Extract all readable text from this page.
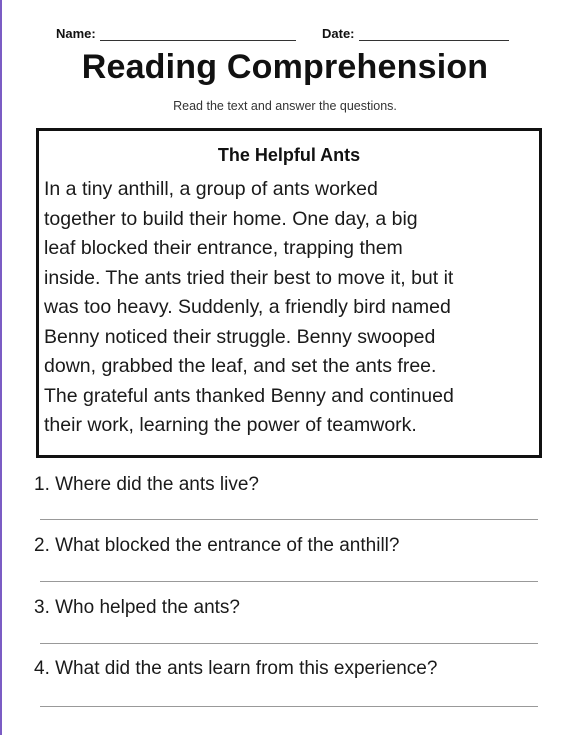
Name:	Date:
Reading Comprehension
Read the text and answer the questions.
The Helpful Ants
In a tiny anthill, a group of ants worked
together to build their home. One day, a big
leaf blocked their entrance, trapping them
inside. The ants tried their best to move it, but it
was too heavy. Suddenly, a friendly bird named
Benny noticed their struggle. Benny swooped
down, grabbed the leaf, and set the ants free.
The grateful ants thanked Benny and continued
their work, learning the power of teamwork.
1. Where did the ants live?
2. What blocked the entrance of the anthill?
3. Who helped the ants?
4. What did the ants learn from this experience?
